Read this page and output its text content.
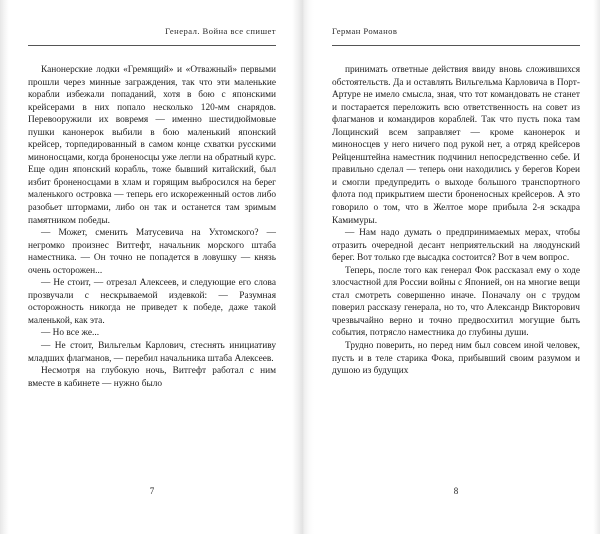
Генерал. Война все спишет

Канонерские лодки «Гремящий» и «Отважный» первыми прошли через минные заграждения, так что эти маленькие корабли избежали попаданий, хотя в бою с японскими крейсерами в них попало несколько 120-мм снарядов. Перевооружили их вовремя — именно шестидюймовые пушки канонерок выбили в бою маленький японский крейсер, торпедированный в самом конце схватки русскими миноносцами, когда броненосцы уже легли на обратный курс. Еще один японский корабль, тоже бывший китайский, был избит броненосцами в хлам и горящим выбросился на берег маленького островка — теперь его искореженный остов либо разобьет штормами, либо он так и останется там зримым памятником победы.

— Может, сменить Матусевича на Ухтомского? — негромко произнес Витгефт, начальник морского штаба наместника. — Он точно не попадется в ловушку — князь очень осторожен...

— Не стоит, — отрезал Алексеев, и следующие его слова прозвучали с нескрываемой издевкой: — Разумная осторожность никогда не приведет к победе, даже такой маленькой, как эта.

— Но все же...

— Не стоит, Вильгельм Карлович, стеснять инициативу младших флагманов, — перебил начальника штаба Алексеев.

Несмотря на глубокую ночь, Витгефт работал с ним вместе в кабинете — нужно было

7
Герман Романов

принимать ответные действия ввиду вновь сложившихся обстоятельств. Да и оставлять Вильгельма Карловича в Порт-Артуре не имело смысла, зная, что тот командовать не станет и постарается переложить всю ответственность на совет из флагманов и командиров кораблей. Так что пусть пока там Лощинский всем заправляет — кроме канонерок и миноносцев у него ничего под рукой нет, а отряд крейсеров Рейценштейна наместник подчинил непосредственно себе. И правильно сделал — теперь они находились у берегов Кореи и смогли предупредить о выходе большого транспортного флота под прикрытием шести броненосных крейсеров. А это говорило о том, что в Желтое море прибыла 2-я эскадра Камимуры.

— Нам надо думать о предпринимаемых мерах, чтобы отразить очередной десант неприятельский на ляодунский берег. Вот только где высадка состоится? Вот в чем вопрос.

Теперь, после того как генерал Фок рассказал ему о ходе злосчастной для России войны с Японией, он на многие вещи стал смотреть совершенно иначе. Поначалу он с трудом поверил рассказу генерала, но то, что Александр Викторович чрезвычайно верно и точно предвосхитил могущие быть события, потрясло наместника до глубины души.

Трудно поверить, но перед ним был совсем иной человек, пусть и в теле старика Фока, прибывший своим разумом и душою из будущих

8
